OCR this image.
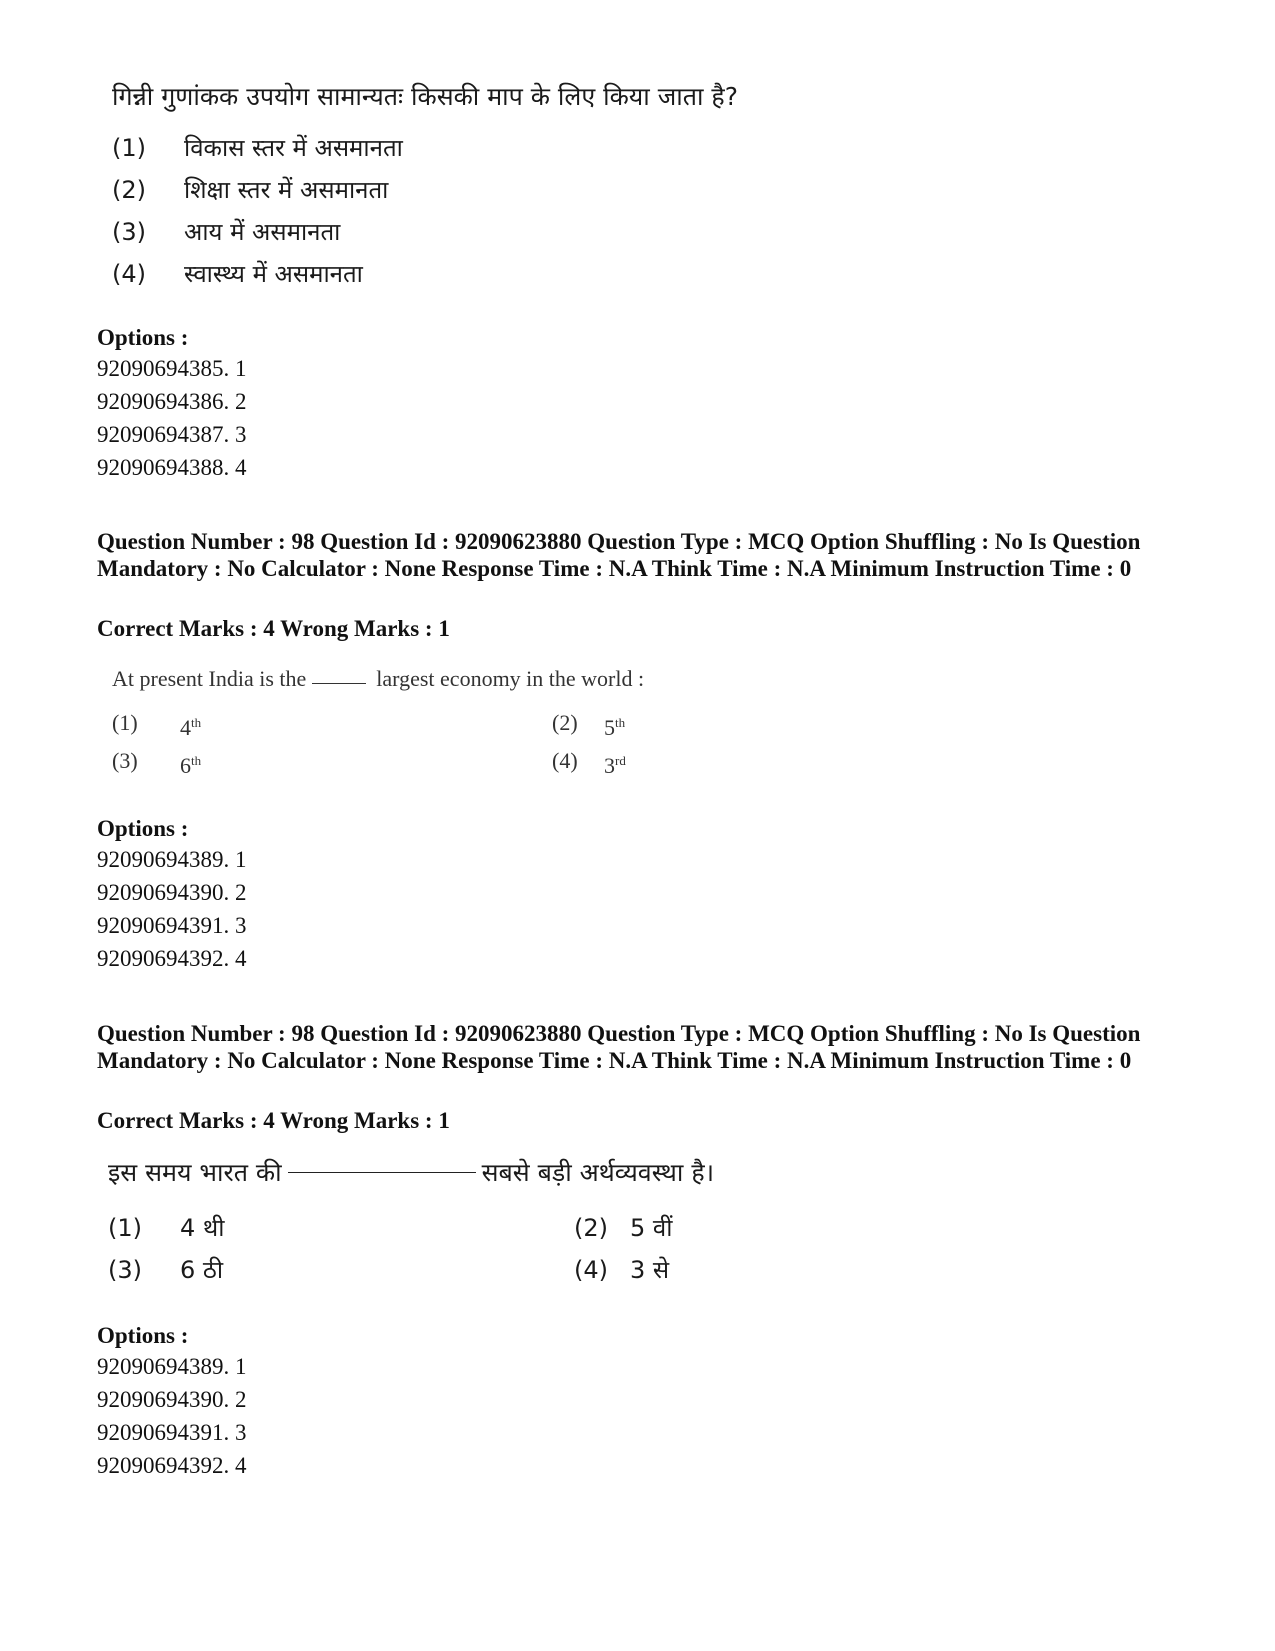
गिन्नी गुणांकक उपयोग सामान्यतः किसकी माप के लिए किया जाता है?
(1) विकास स्तर में असमानता
(2) शिक्षा स्तर में असमानता
(3) आय में असमानता
(4) स्वास्थ्य में असमानता
Options :
92090694385. 1
92090694386. 2
92090694387. 3
92090694388. 4
Question Number : 98 Question Id : 92090623880 Question Type : MCQ Option Shuffling : No Is Question Mandatory : No Calculator : None Response Time : N.A Think Time : N.A Minimum Instruction Time : 0
Correct Marks : 4 Wrong Marks : 1
At present India is the	largest economy in the world :
(1) 4th	(2) 5th
(3) 6th	(4) 3rd
Options :
92090694389. 1
92090694390. 2
92090694391. 3
92090694392. 4
Question Number : 98 Question Id : 92090623880 Question Type : MCQ Option Shuffling : No Is Question Mandatory : No Calculator : None Response Time : N.A Think Time : N.A Minimum Instruction Time : 0
Correct Marks : 4 Wrong Marks : 1
इस समय भारत की	सबसे बड़ी अर्थव्यवस्था है।
(1) 4 थी	(2) 5 वीं
(3) 6 ठी	(4) 3 से
Options :
92090694389. 1
92090694390. 2
92090694391. 3
92090694392. 4
